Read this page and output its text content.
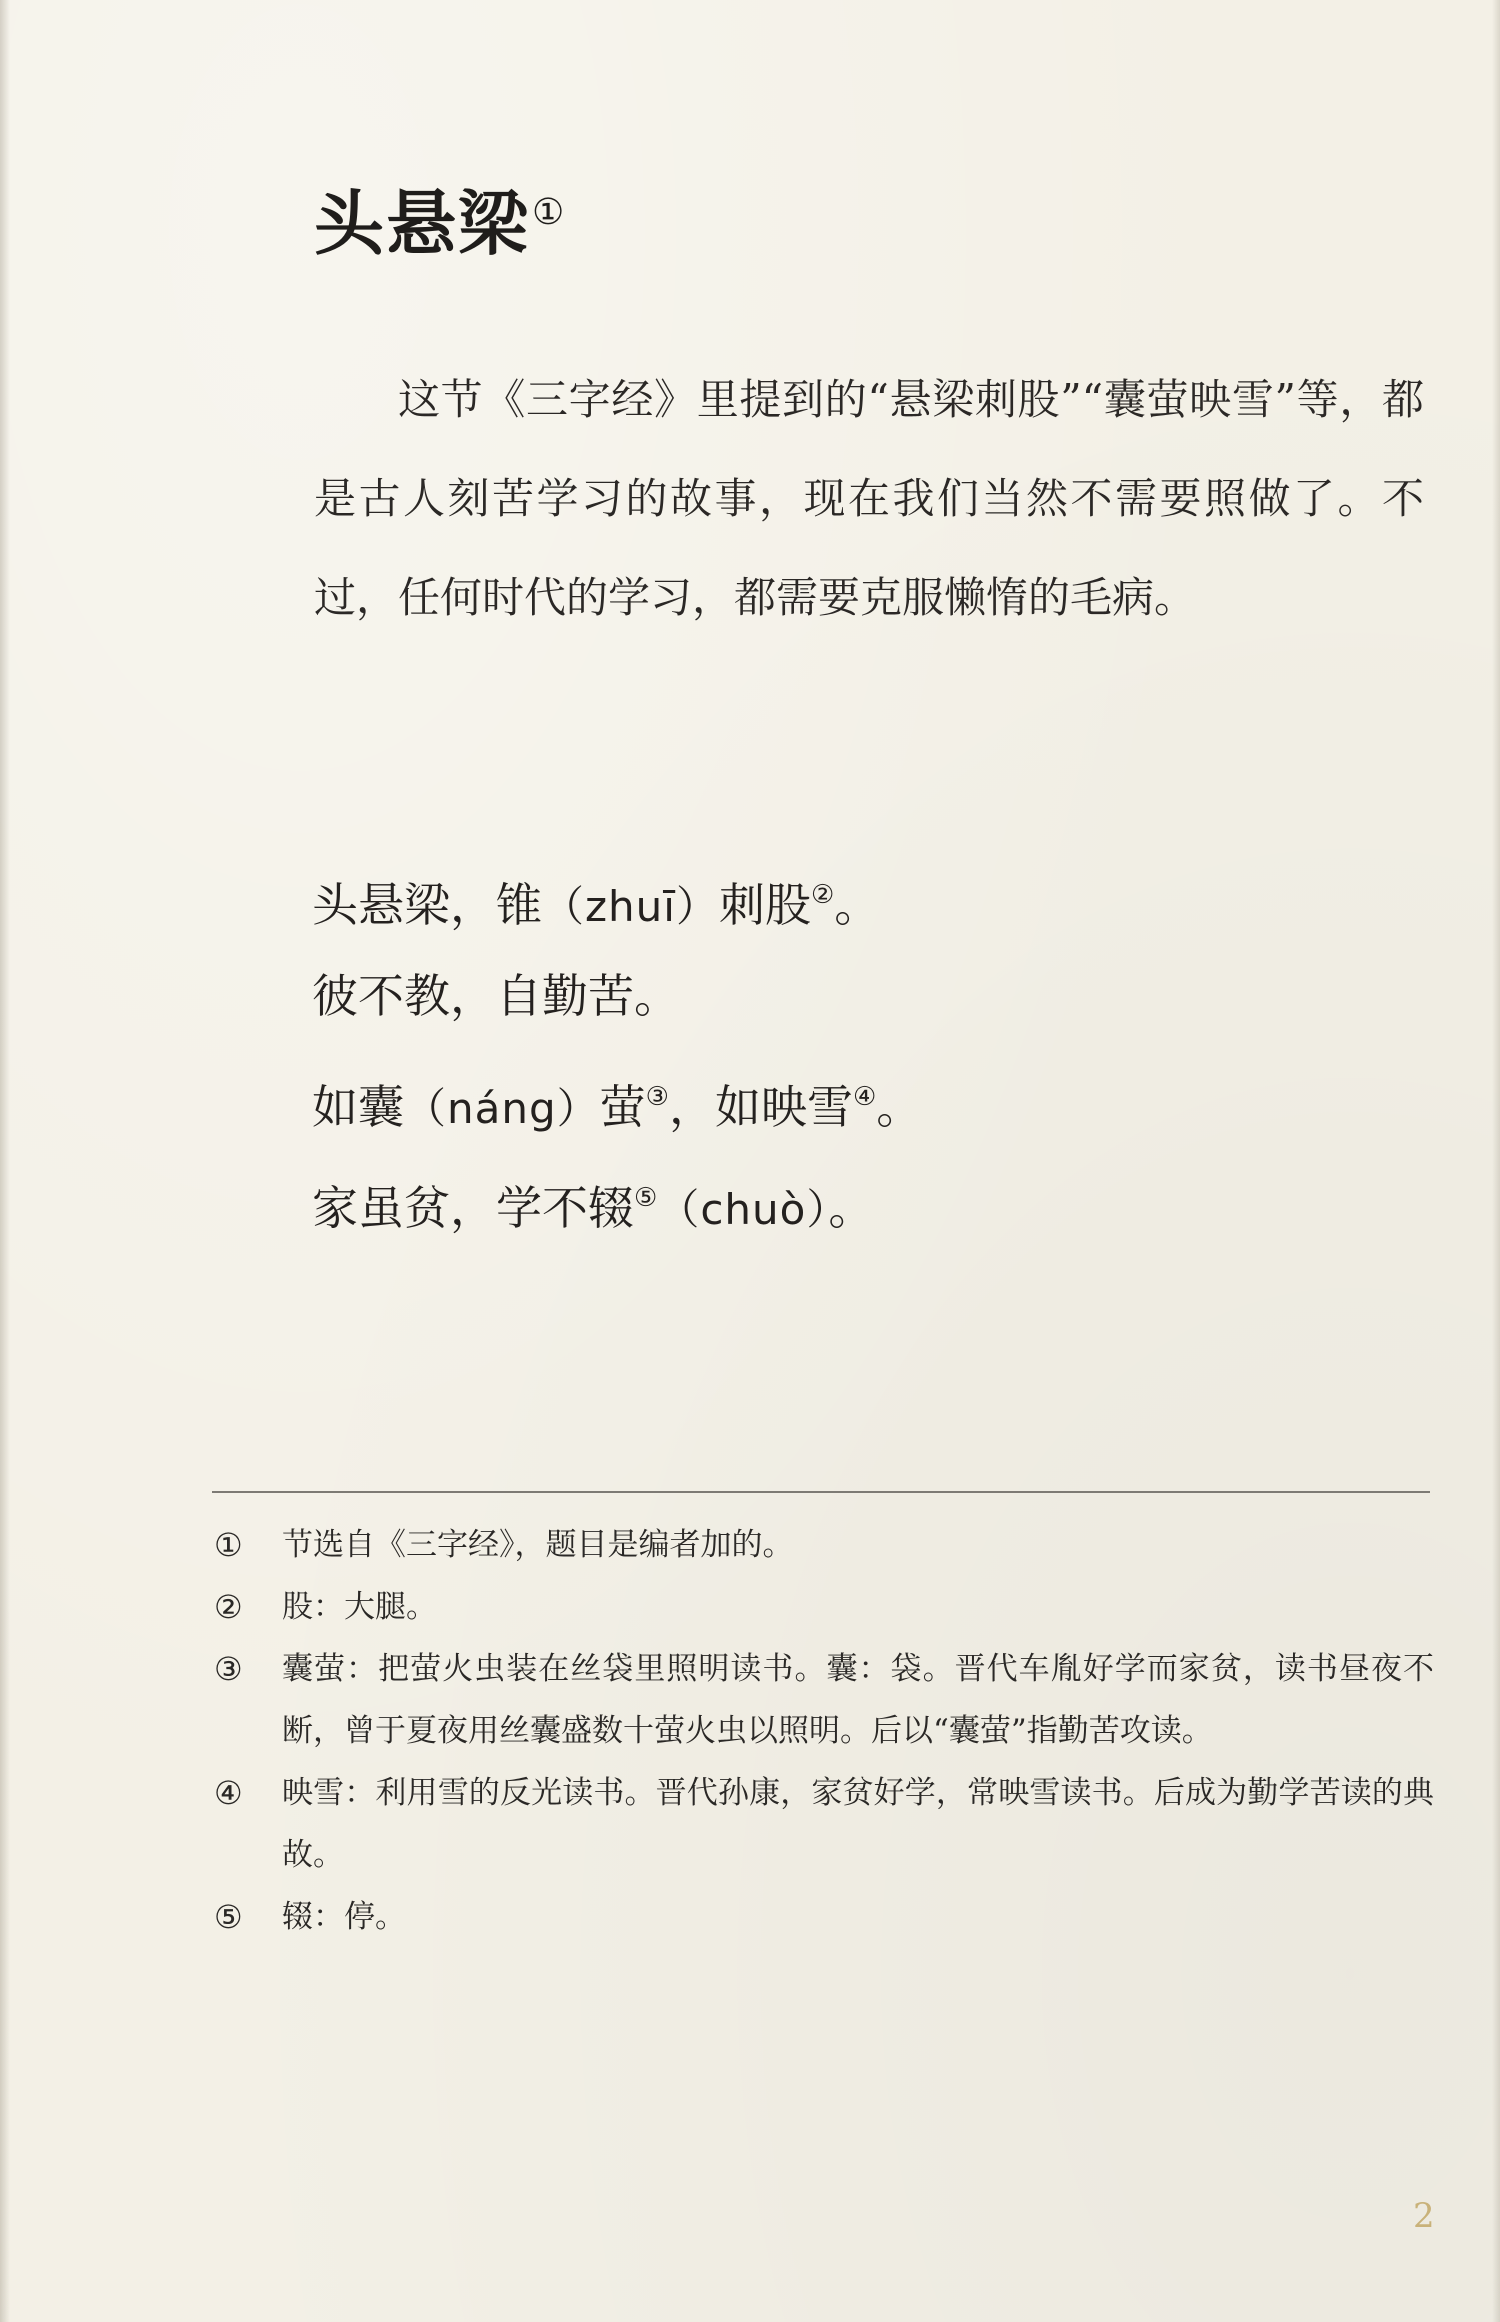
头悬梁①

这节《三字经》里提到的“悬梁刺股”“囊萤映雪”等，都是古人刻苦学习的故事，现在我们当然不需要照做了。不过，任何时代的学习，都需要克服懒惰的毛病。

头悬梁，锥（zhuī）刺股②。
彼不教，自勤苦。
如囊（náng）萤③，如映雪④。
家虽贫，学不辍⑤（chuò）。
①	节选自《三字经》，题目是编者加的。
②	股：大腿。
③	囊萤：把萤火虫装在丝袋里照明读书。囊：袋。晋代车胤好学而家贫，读书昼夜不断，曾于夏夜用丝囊盛数十萤火虫以照明。后以“囊萤”指勤苦攻读。
④	映雪：利用雪的反光读书。晋代孙康，家贫好学，常映雪读书。后成为勤学苦读的典故。
⑤	辍：停。
2
